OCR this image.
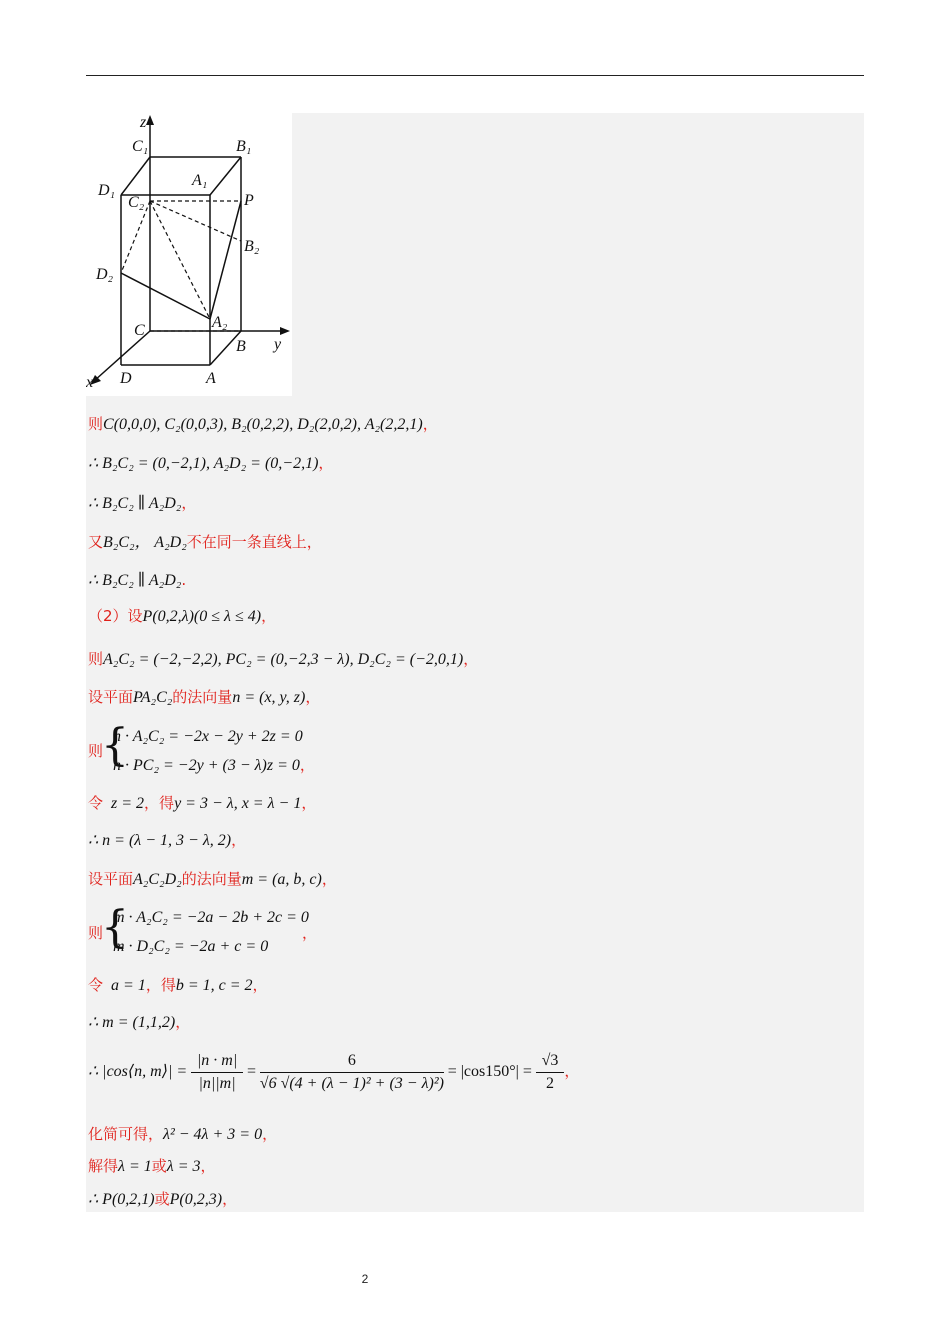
z
y
x
C₁	B₁
A₁
D₁
C₂	P
B₂
D₂
A₂
C
B
D	A
则C(0,0,0), C₂(0,0,3), B₂(0,2,2), D₂(2,0,2), A₂(2,2,1)，
∴ B₂C₂ = (0,−2,1), A₂D₂ = (0,−2,1)，
∴ B₂C₂ ∥ A₂D₂，
又B₂C₂， A₂D₂不在同一条直线上，
∴ B₂C₂ ∥ A₂D₂.
（2）设P(0,2,λ)(0 ≤ λ ≤ 4)，
则A₂C₂ = (−2,−2,2), PC₂ = (0,−2,3 − λ), D₂C₂ = (−2,0,1)，
设平面PA₂C₂的法向量n = (x, y, z)，
则
{
n · A₂C₂ = −2x − 2y + 2z = 0
n · PC₂ = −2y + (3 − λ)z = 0，
令 z = 2，得y = 3 − λ, x = λ − 1，
∴ n = (λ − 1, 3 − λ, 2)，
设平面A₂C₂D₂的法向量m = (a, b, c)，
则
{
m · A₂C₂ = −2a − 2b + 2c = 0
m · D₂C₂ = −2a + c = 0
，
令 a = 1，得b = 1, c = 2，
∴ m = (1,1,2)，
∴ |cos⟨n, m⟩| = $\frac{|n \cdot m|}{|n||m|} = \frac{6}{\text{√6 √(4 + (λ − 1)² + (3 − λ)²)}} = |\cos 150^\circ| = \frac{√3}{2}$ ，
化简可得，λ² − 4λ + 3 = 0，
解得λ = 1或λ = 3，
∴ P(0,2,1)或P(0,2,3)，
2
